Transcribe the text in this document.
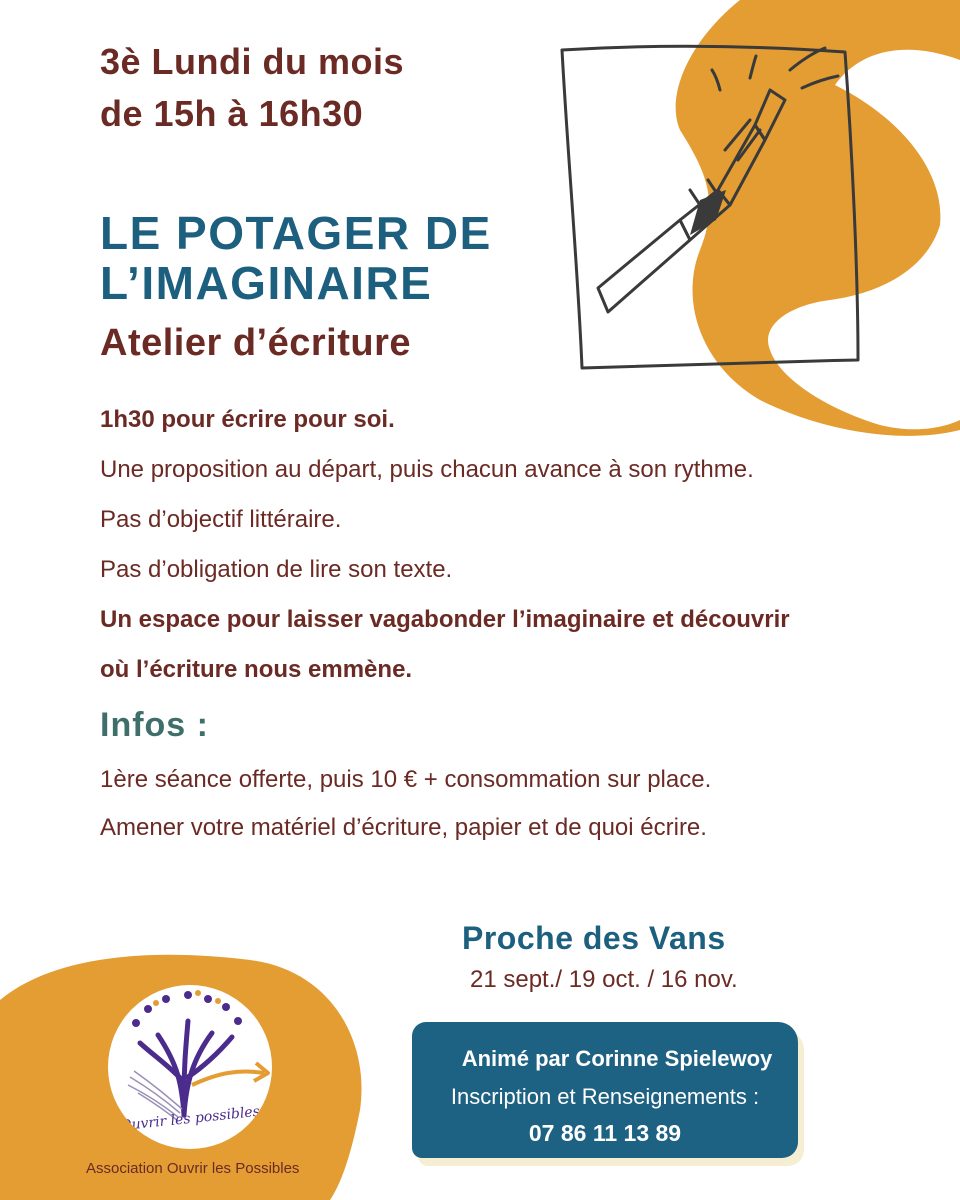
3è Lundi du mois
de 15h à 16h30
LE POTAGER DE
L’IMAGINAIRE
Atelier d’écriture
1h30 pour écrire pour soi.
Une proposition au départ, puis chacun avance à son rythme.
Pas d’objectif littéraire.
Pas d’obligation de lire son texte.
Un espace pour laisser vagabonder l’imaginaire et découvrir
où l’écriture nous emmène.
Infos :
1ère séance offerte, puis 10 € + consommation sur place.
Amener votre matériel d’écriture, papier et de quoi écrire.
Proche des Vans
21 sept./ 19 oct. / 16 nov.
Animé par Corinne Spielewoy
Inscription et Renseignements :
07 86 11 13 89
Ouvrir les possibles
Association Ouvrir les Possibles
